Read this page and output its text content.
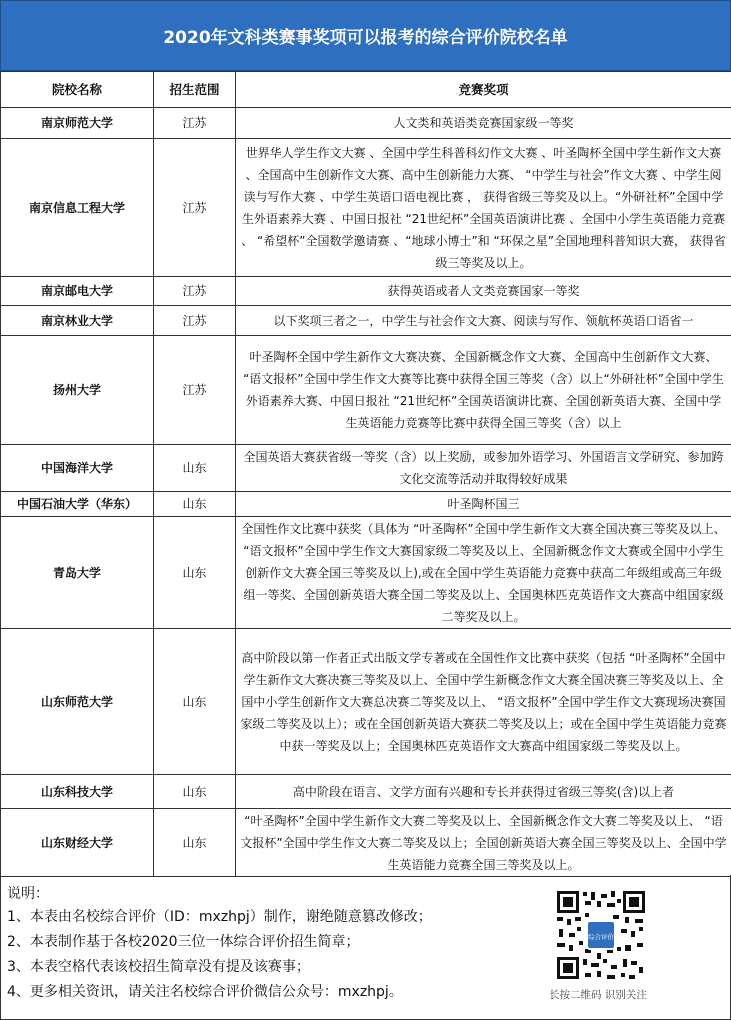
2020年文科类赛事奖项可以报考的综合评价院校名单
院校名称	招生范围	竞赛奖项
南京师范大学	江苏	人文类和英语类竞赛国家级一等奖
南京信息工程大学	江苏	世界华人学生作文大赛 、全国中学生科普科幻作文大赛 、叶圣陶杯全国中学生新作文大赛 、全国高中生创新作文大赛、高中生创新能力大赛、 “中学生与社会”作文大赛 、中学生阅读与写作大赛 、中学生英语口语电视比赛 ， 获得省级三等奖及以上。“外研社杯”全国中学生外语素养大赛 、中国日报社 “21世纪杯”全国英语演讲比赛 、全国中小学生英语能力竞赛 、 “希望杯”全国数学邀请赛 、“地球小博士”和 “环保之星”全国地理科普知识大赛， 获得省级三等奖及以上。
南京邮电大学	江苏	获得英语或者人文类竞赛国家一等奖
南京林业大学	江苏	以下奖项三者之一，中学生与社会作文大赛、阅读与写作、领航杯英语口语省一
扬州大学	江苏	叶圣陶杯全国中学生新作文大赛决赛、全国新概念作文大赛、全国高中生创新作文大赛、 “语文报杯”全国中学生作文大赛等比赛中获得全国三等奖（含）以上“外研社杯”全国中学生外语素养大赛、中国日报社 “21世纪杯”全国英语演讲比赛、全国创新英语大赛、全国中学生英语能力竞赛等比赛中获得全国三等奖（含）以上
中国海洋大学	山东	全国英语大赛获省级一等奖（含）以上奖励，或参加外语学习、外国语言文学研究、参加跨文化交流等活动并取得较好成果
中国石油大学（华东）	山东	叶圣陶杯国三
青岛大学	山东	全国性作文比赛中获奖（具体为 “叶圣陶杯”全国中学生新作文大赛全国决赛三等奖及以上、 “语文报杯”全国中学生作文大赛国家级二等奖及以上、全国新概念作文大赛或全国中小学生创新作文大赛全国三等奖及以上),或在全国中学生英语能力竞赛中获高二年级组或高三年级组一等奖、全国创新英语大赛全国二等奖及以上、全国奥林匹克英语作文大赛高中组国家级二等奖及以上。
山东师范大学	山东	高中阶段以第一作者正式出版文学专著或在全国性作文比赛中获奖（包括 “叶圣陶杯”全国中学生新作文大赛决赛三等奖及以上、全国中学生新概念作文大赛全国决赛三等奖及以上、全国中小学生创新作文大赛总决赛二等奖及以上、 “语文报杯”全国中学生作文大赛现场决赛国家级二等奖及以上）；或在全国创新英语大赛获二等奖及以上；或在全国中学生英语能力竞赛中获一等奖及以上；全国奥林匹克英语作文大赛高中组国家级二等奖及以上。
山东科技大学	山东	高中阶段在语言、文学方面有兴趣和专长并获得过省级三等奖(含)以上者
山东财经大学	山东	“叶圣陶杯”全国中学生新作文大赛二等奖及以上、全国新概念作文大赛二等奖及以上、 “语文报杯”全国中学生作文大赛二等奖及以上；全国创新英语大赛全国三等奖及以上、全国中学生英语能力竞赛全国三等奖及以上。
说明：
1、本表由名校综合评价（ID：mxzhpj）制作，谢绝随意篡改修改；
2、本表制作基于各校2020三位一体综合评价招生简章；
3、本表空格代表该校招生简章没有提及该赛事；
4、更多相关资讯，请关注名校综合评价微信公众号：mxzhpj。
综合评价
长按二维码 识别关注
